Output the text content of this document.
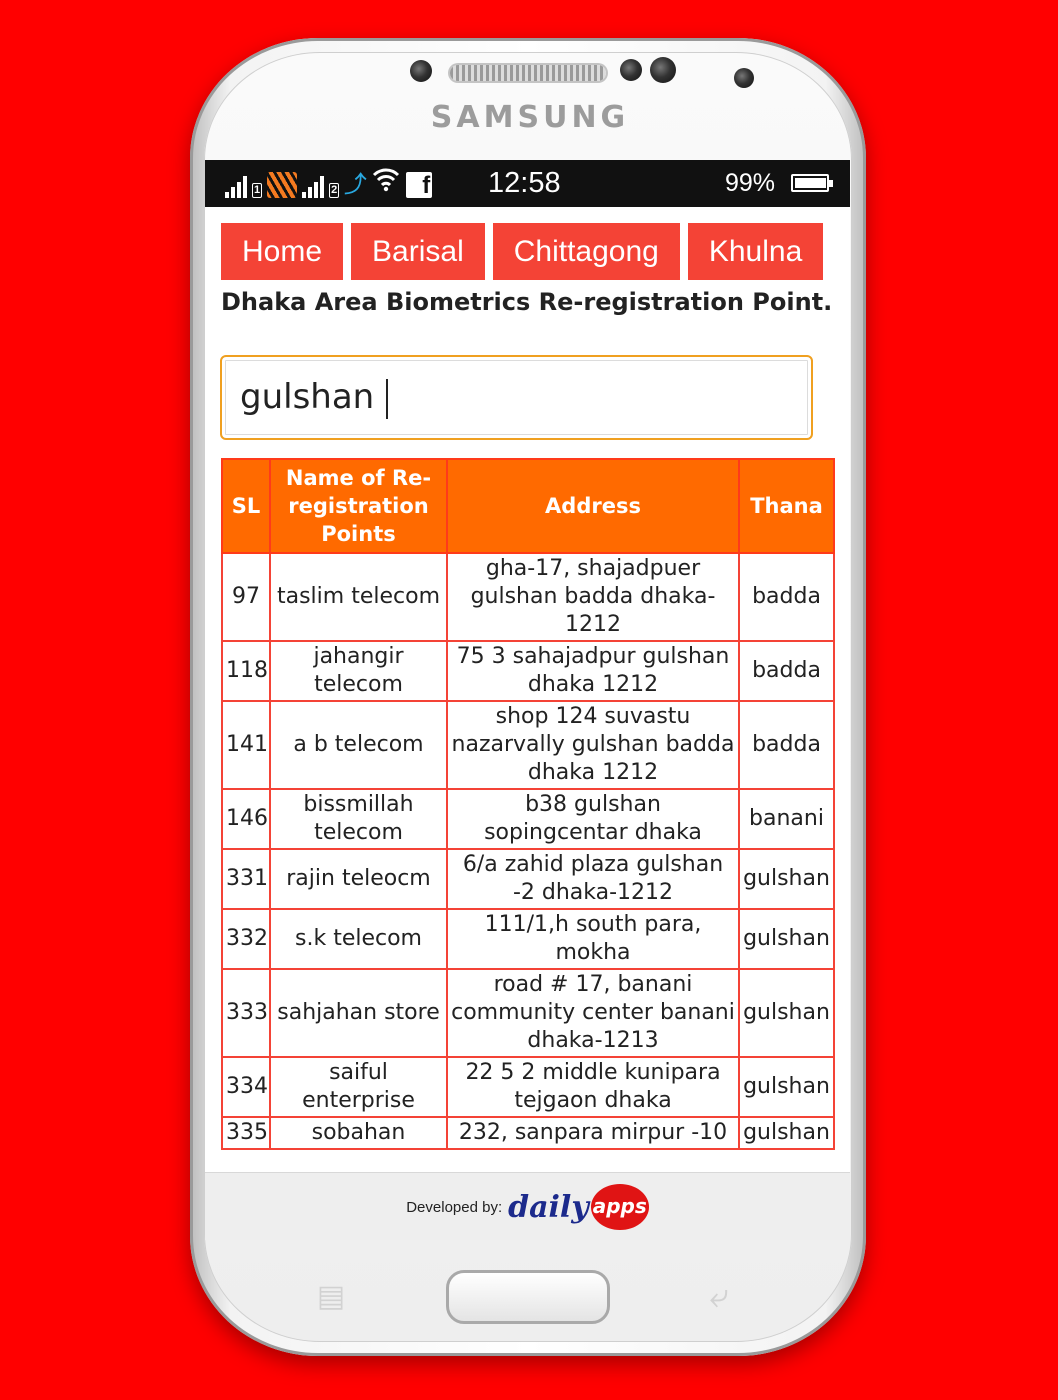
SAMSUNG
1	2 ⤴	f 12:58	99%
Home	Barisal	Chittagong	Khulna
Dhaka Area Biometrics Re-registration Point.
gulshan
SL	Name of Re-registration Points	Address	Thana
97	taslim telecom	gha-17, shajadpuer gulshan badda dhaka-1212	badda
118	jahangir telecom	75 3 sahajadpur gulshan dhaka 1212	badda
141	a b telecom	shop 124 suvastu nazarvally gulshan badda dhaka 1212	badda
146	bissmillah telecom	b38 gulshan sopingcentar dhaka	banani
331	rajin teleocm	6/a zahid plaza gulshan -2 dhaka-1212	gulshan
332	s.k telecom	111/1,h south para, mokha	gulshan
333	sahjahan store	road # 17, banani community center banani dhaka-1213	gulshan
334	saiful enterprise	22 5 2 middle kunipara tejgaon dhaka	gulshan
335	sobahan	232, sanpara mirpur -10	gulshan
Developed by: daily apps
▤	⤶
